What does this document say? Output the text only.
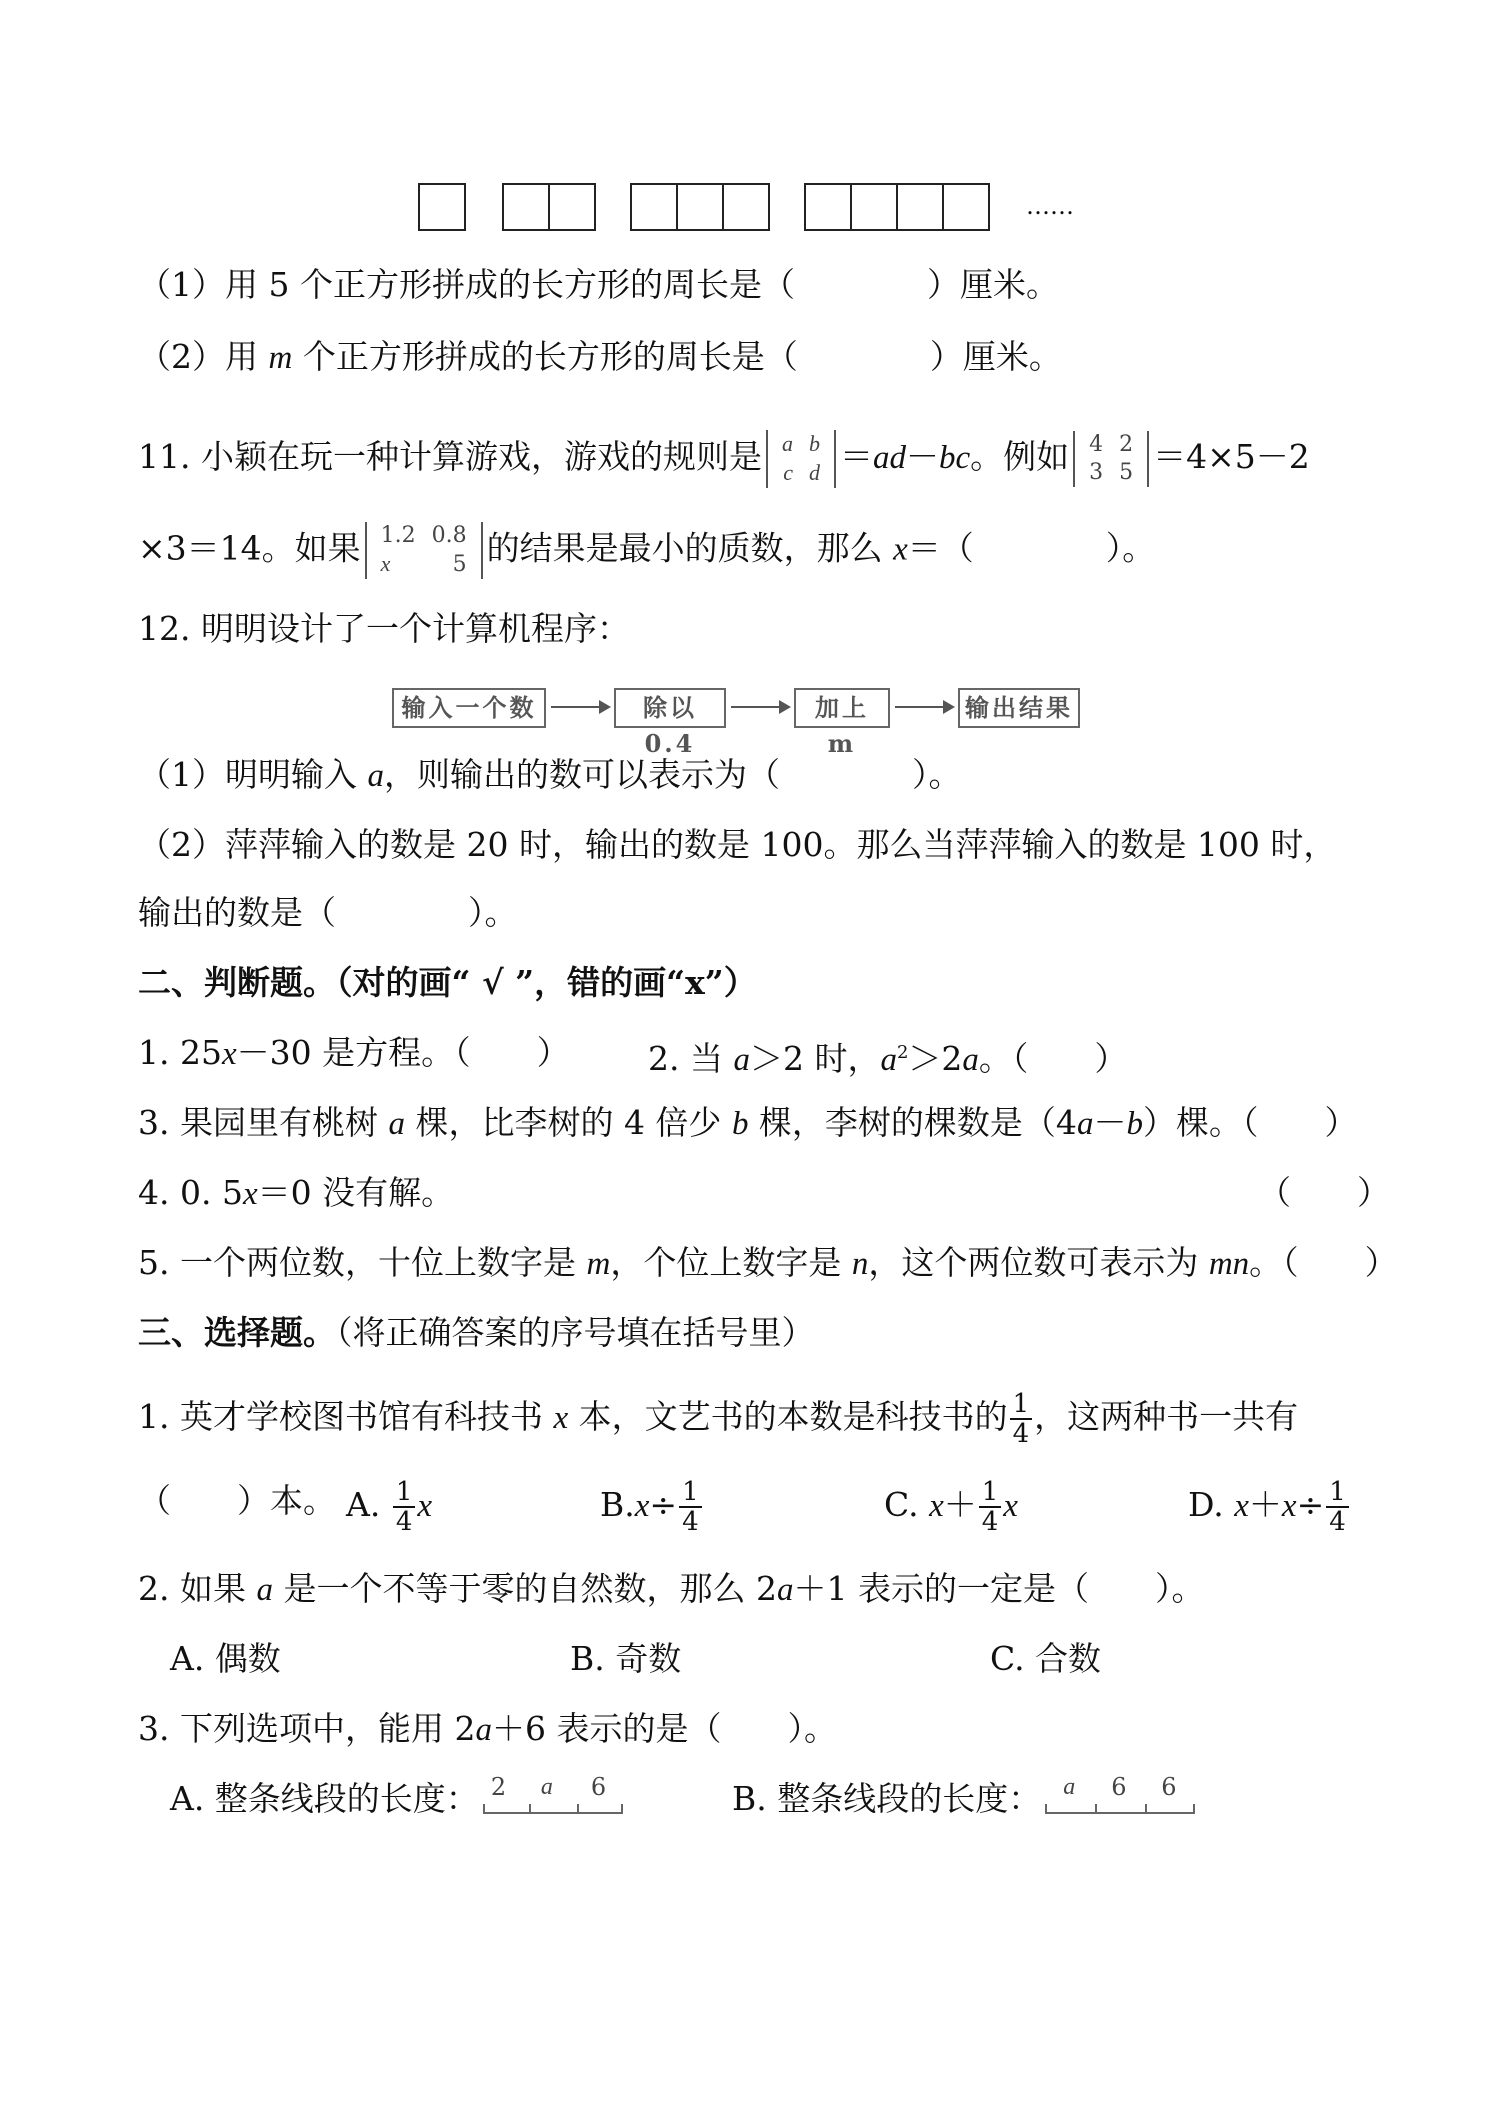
……
（1）用 5 个正方形拼成的长方形的周长是（　　　　）厘米。
（2）用 m 个正方形拼成的长方形的周长是（　　　　）厘米。
11. 小颖在玩一种计算游戏，游戏的规则是 a	b
c	d ＝ad－bc。例如 4	2
3	5 ＝4×5－2
×3＝14。如果 1.2	0.8
x	5 的结果是最小的质数，那么 x＝（　　　　）。
12. 明明设计了一个计算机程序：
输入一个数	除以 0.4
加上 m
输出结果
（1）明明输入 a，则输出的数可以表示为（　　　　）。
（2）萍萍输入的数是 20 时，输出的数是 100。那么当萍萍输入的数是 100 时，
输出的数是（　　　　）。
二、判断题。（对的画“ √ ”，错的画“x”）
1. 25x－30 是方程。（　　） 2. 当 a＞2 时，$a^2>2a$。（　　）
3. 果园里有桃树 a 棵，比李树的 4 倍少 b 棵，李树的棵数是（4a－b）棵。（　　）
4. 0. 5x＝0 没有解。	（　　）
5. 一个两位数，十位上数字是 m，个位上数字是 n，这个两位数可表示为 mn。（　　）
三、选择题。（将正确答案的序号填在括号里）
1. 英才学校图书馆有科技书 x 本，文艺书的本数是科技书的 $\frac{1}{4}$ ，这两种书一共有
（　　）本。 A. $\frac{1}{4}$ x	$B.x\div \frac{1}{4}$	C. $x+ \frac{1}{4}$ x	D. $x+x\div \frac{1}{4}$
2. 如果 a 是一个不等于零的自然数，那么 2a＋1 表示的一定是（　　）。
A. 偶数	B. 奇数	C. 合数
3. 下列选项中，能用 2a＋6 表示的是（　　）。
A. 整条线段的长度： 2 a 6	B. 整条线段的长度： a 6 6
